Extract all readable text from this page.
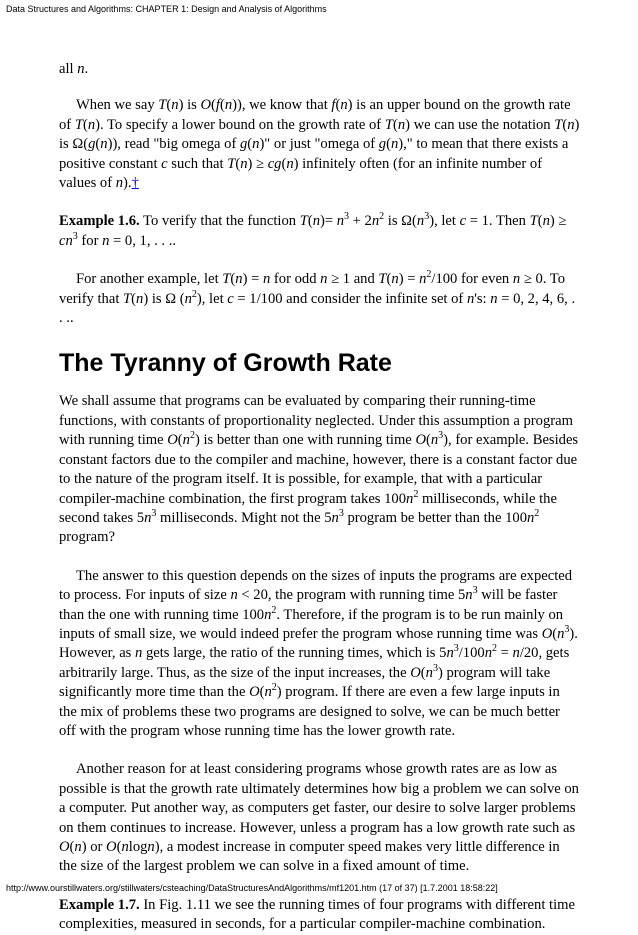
Data Structures and Algorithms: CHAPTER 1: Design and Analysis of Algorithms

all n.

When we say T(n) is O(f(n)), we know that f(n) is an upper bound on the growth rate of T(n). To specify a lower bound on the growth rate of T(n) we can use the notation T(n) is Ω(g(n)), read "big omega of g(n)" or just "omega of g(n)," to mean that there exists a positive constant c such that T(n) ≥ cg(n) infinitely often (for an infinite number of values of n).†

Example 1.6. To verify that the function $T(n)= n^3 + 2n^2$ is $\Omega(n^3)$, let c = 1. Then $T(n) \ge cn^3$ for n = 0, 1, . . ..

For another example, let T(n) = n for odd n ≥ 1 and $T(n) = n^2/100$ for even n ≥ 0. To verify that T(n) is Ω $(n^2)$, let c = 1/100 and consider the infinite set of n's: n = 0, 2, 4, 6, . . ..

The Tyranny of Growth Rate

We shall assume that programs can be evaluated by comparing their running-time functions, with constants of proportionality neglected. Under this assumption a program with running time $O(n^2)$ is better than one with running time $O(n^3)$, for example. Besides constant factors due to the compiler and machine, however, there is a constant factor due to the nature of the program itself. It is possible, for example, that with a particular compiler-machine combination, the first program takes $100n^2$ milliseconds, while the second takes $5n^3$ milliseconds. Might not the $5n^3$ program be better than the $100n^2$ program?

The answer to this question depends on the sizes of inputs the programs are expected to process. For inputs of size n < 20, the program with running time $5n^3$ will be faster than the one with running time $100n^2$. Therefore, if the program is to be run mainly on inputs of small size, we would indeed prefer the program whose running time was $O(n^3)$. However, as n gets large, the ratio of the running times, which is $5n^3/100n^2 = n/20$, gets arbitrarily large. Thus, as the size of the input increases, the $O(n^3)$ program will take significantly more time than the $O(n^2)$ program. If there are even a few large inputs in the mix of problems these two programs are designed to solve, we can be much better off with the program whose running time has the lower growth rate.

Another reason for at least considering programs whose growth rates are as low as possible is that the growth rate ultimately determines how big a problem we can solve on a computer. Put another way, as computers get faster, our desire to solve larger problems on them continues to increase. However, unless a program has a low growth rate such as O(n) or O(nlogn), a modest increase in computer speed makes very little difference in the size of the largest problem we can solve in a fixed amount of time.

Example 1.7. In Fig. 1.11 we see the running times of four programs with different time complexities, measured in seconds, for a particular compiler-machine combination.

http://www.ourstillwaters.org/stillwaters/csteaching/DataStructuresAndAlgorithms/mf1201.htm (17 of 37) [1.7.2001 18:58:22]
